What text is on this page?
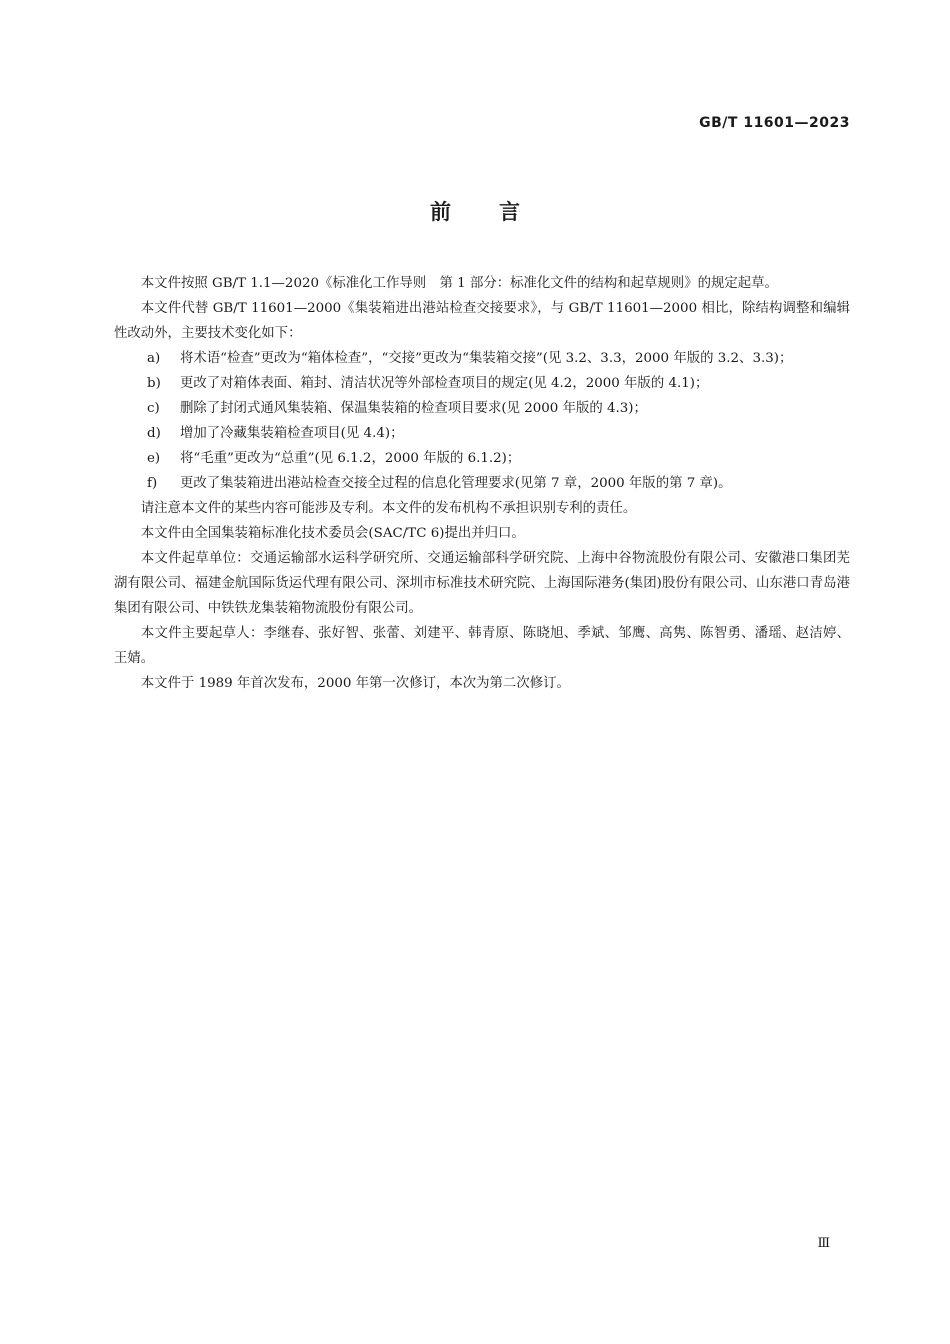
GB/T 11601—2023
前言

本文件按照 GB/T 1.1—2020《标准化工作导则　第 1 部分：标准化文件的结构和起草规则》的规定起草。

本文件代替 GB/T 11601—2000《集装箱进出港站检查交接要求》，与 GB/T 11601—2000 相比，除结构调整和编辑性改动外，主要技术变化如下：

a) 将术语“检查”更改为“箱体检查”，“交接”更改为“集装箱交接”(见 3.2、3.3，2000 年版的 3.2、3.3)；
b) 更改了对箱体表面、箱封、清洁状况等外部检查项目的规定(见 4.2，2000 年版的 4.1)；
c) 删除了封闭式通风集装箱、保温集装箱的检查项目要求(见 2000 年版的 4.3)；
d) 增加了冷藏集装箱检查项目(见 4.4)；
e) 将“毛重”更改为“总重”(见 6.1.2，2000 年版的 6.1.2)；
f) 更改了集装箱进出港站检查交接全过程的信息化管理要求(见第 7 章，2000 年版的第 7 章)。

请注意本文件的某些内容可能涉及专利。本文件的发布机构不承担识别专利的责任。

本文件由全国集装箱标准化技术委员会(SAC/TC 6)提出并归口。

本文件起草单位：交通运输部水运科学研究所、交通运输部科学研究院、上海中谷物流股份有限公司、安徽港口集团芜湖有限公司、福建金航国际货运代理有限公司、深圳市标准技术研究院、上海国际港务(集团)股份有限公司、山东港口青岛港集团有限公司、中铁铁龙集装箱物流股份有限公司。

本文件主要起草人：李继春、张好智、张蕾、刘建平、韩青原、陈晓旭、季斌、邹鹰、高隽、陈智勇、潘瑶、赵洁婷、王婧。

本文件于 1989 年首次发布，2000 年第一次修订，本次为第二次修订。

Ⅲ
